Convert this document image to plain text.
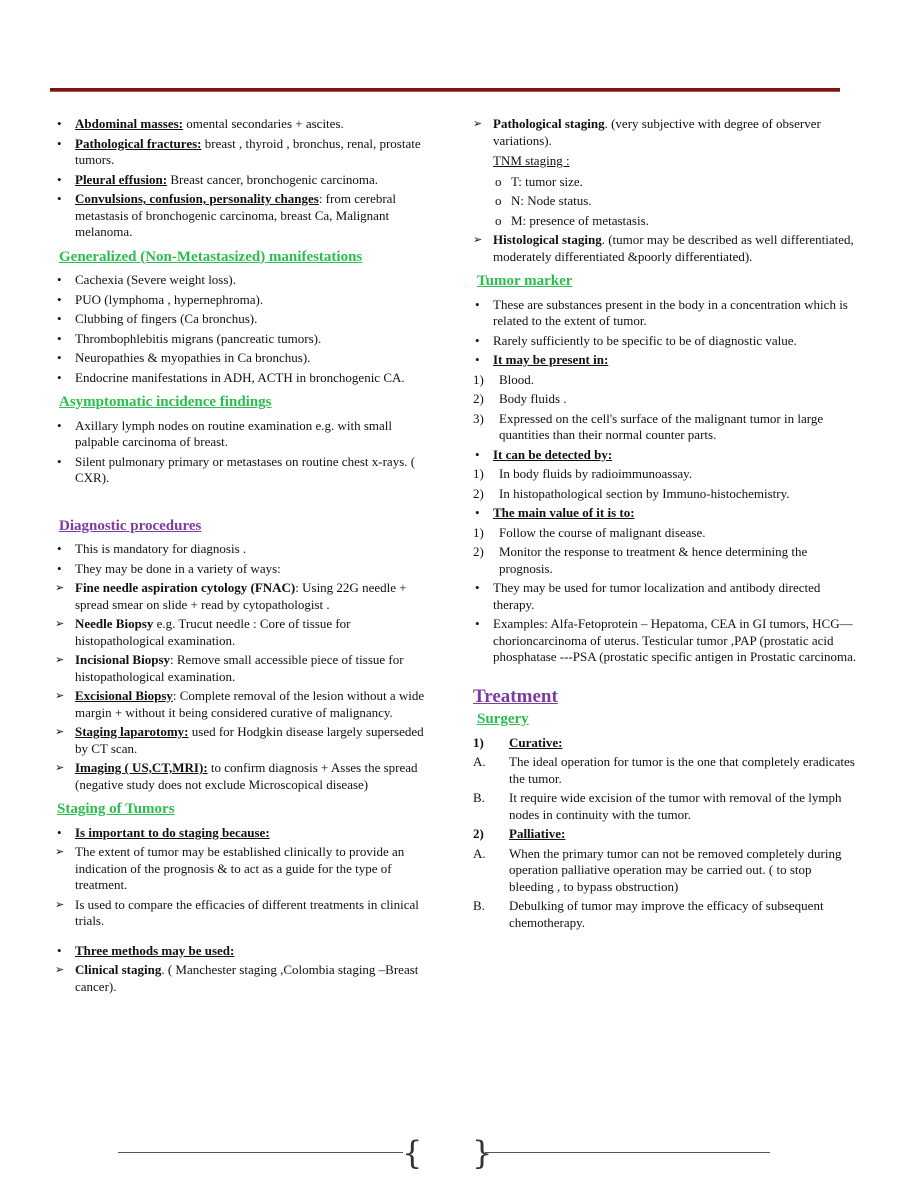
• Abdominal masses: omental secondaries + ascites.
• Pathological fractures: breast , thyroid , bronchus, renal, prostate tumors.
• Pleural effusion: Breast cancer, bronchogenic carcinoma.
• Convulsions, confusion, personality changes: from cerebral metastasis of bronchogenic carcinoma, breast Ca, Malignant melanoma.
Generalized (Non-Metastasized) manifestations
• Cachexia (Severe weight loss).
• PUO (lymphoma , hypernephroma).
• Clubbing of fingers (Ca bronchus).
• Thrombophlebitis migrans (pancreatic tumors).
• Neuropathies & myopathies in Ca bronchus).
• Endocrine manifestations in ADH, ACTH in bronchogenic CA.
Asymptomatic incidence findings
• Axillary lymph nodes on routine examination e.g. with small palpable carcinoma of breast.
• Silent pulmonary primary or metastases on routine chest x-rays. ( CXR).
Diagnostic procedures
• This is mandatory for diagnosis .
• They may be done in a variety of ways:
➢ Fine needle aspiration cytology (FNAC): Using 22G needle + spread smear on slide + read by cytopathologist .
➢ Needle Biopsy e.g. Trucut needle : Core of tissue for histopathological examination.
➢ Incisional Biopsy: Remove small accessible piece of tissue for histopathological examination.
➢ Excisional Biopsy: Complete removal of the lesion without a wide margin + without it being considered curative of malignancy.
➢ Staging laparotomy: used for Hodgkin disease largely superseded by CT scan.
➢ Imaging ( US,CT,MRI): to confirm diagnosis + Asses the spread (negative study does not exclude Microscopical disease)
Staging of Tumors
• Is important to do staging because:
➢ The extent of tumor may be established clinically to provide an indication of the prognosis & to act as a guide for the type of treatment.
➢ Is used to compare the efficacies of different treatments in clinical trials.
• Three methods may be used:
➢ Clinical staging. ( Manchester staging ,Colombia staging –Breast cancer).
➢ Pathological staging. (very subjective with degree of observer variations).
TNM staging :
o T: tumor size.
o N: Node status.
o M: presence of metastasis.
➢ Histological staging. (tumor may be described as well differentiated, moderately differentiated &poorly differentiated).
Tumor marker
• These are substances present in the body in a concentration which is related to the extent of tumor.
• Rarely sufficiently to be specific to be of diagnostic value.
• It may be present in:
1) Blood.
2) Body fluids .
3) Expressed on the cell's surface of the malignant tumor in large quantities than their normal counter parts.
• It can be detected by:
1) In body fluids by radioimmunoassay.
2) In histopathological section by Immuno-histochemistry.
• The main value of it is to:
1) Follow the course of malignant disease.
2) Monitor the response to treatment & hence determining the prognosis.
• They may be used for tumor localization and antibody directed therapy.
• Examples: Alfa-Fetoprotein – Hepatoma, CEA in GI tumors, HCG—chorioncarcinoma of uterus. Testicular tumor ,PAP (prostatic acid phosphatase ---PSA (prostatic specific antigen in Prostatic carcinoma.
Treatment
Surgery
1) Curative:
A. The ideal operation for tumor is the one that completely eradicates the tumor.
B. It require wide excision of the tumor with removal of the lymph nodes in continuity with the tumor.
2) Palliative:
A. When the primary tumor can not be removed completely during operation palliative operation may be carried out. ( to stop bleeding , to bypass obstruction)
B. Debulking of tumor may improve the efficacy of subsequent chemotherapy.
{ }
